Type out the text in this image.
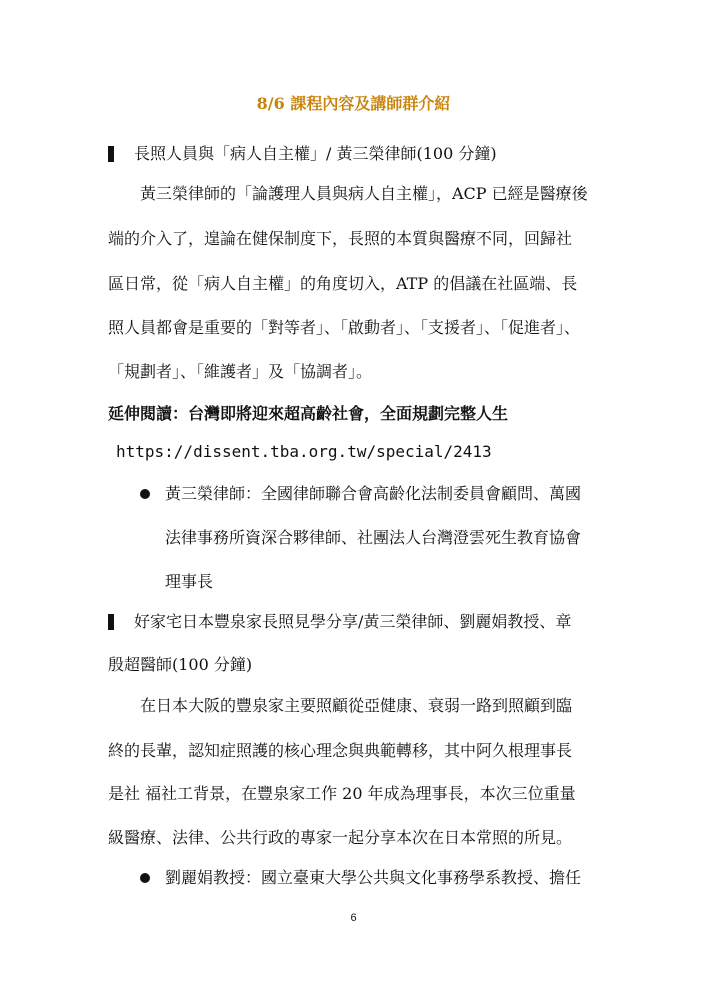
8/6 課程內容及講師群介紹
長照人員與「病人自主權」/ 黃三榮律師(100 分鐘)
黃三榮律師的「論護理人員與病人自主權」，ACP 已經是醫療後
端的介入了，遑論在健保制度下，長照的本質與醫療不同，回歸社
區日常，從「病人自主權」的角度切入，ATP 的倡議在社區端、長
照人員都會是重要的「對等者」、「啟動者」、「支援者」、「促進者」、
「規劃者」、「維護者」及「協調者」。
延伸閱讀：台灣即將迎來超高齡社會，全面規劃完整人生
https://dissent.tba.org.tw/special/2413
黃三榮律師：全國律師聯合會高齡化法制委員會顧問、萬國
法律事務所資深合夥律師、社團法人台灣澄雲死生教育協會
理事長
好家宅日本豐泉家長照見學分享/黃三榮律師、劉麗娟教授、章
殷超醫師(100 分鐘)
在日本大阪的豐泉家主要照顧從亞健康、衰弱一路到照顧到臨
終的長輩，認知症照護的核心理念與典範轉移，其中阿久根理事長
是社 福社工背景，在豐泉家工作 20 年成為理事長，本次三位重量
級醫療、法律、公共行政的專家一起分享本次在日本常照的所見。
劉麗娟教授：國立臺東大學公共與文化事務學系教授、擔任
6
